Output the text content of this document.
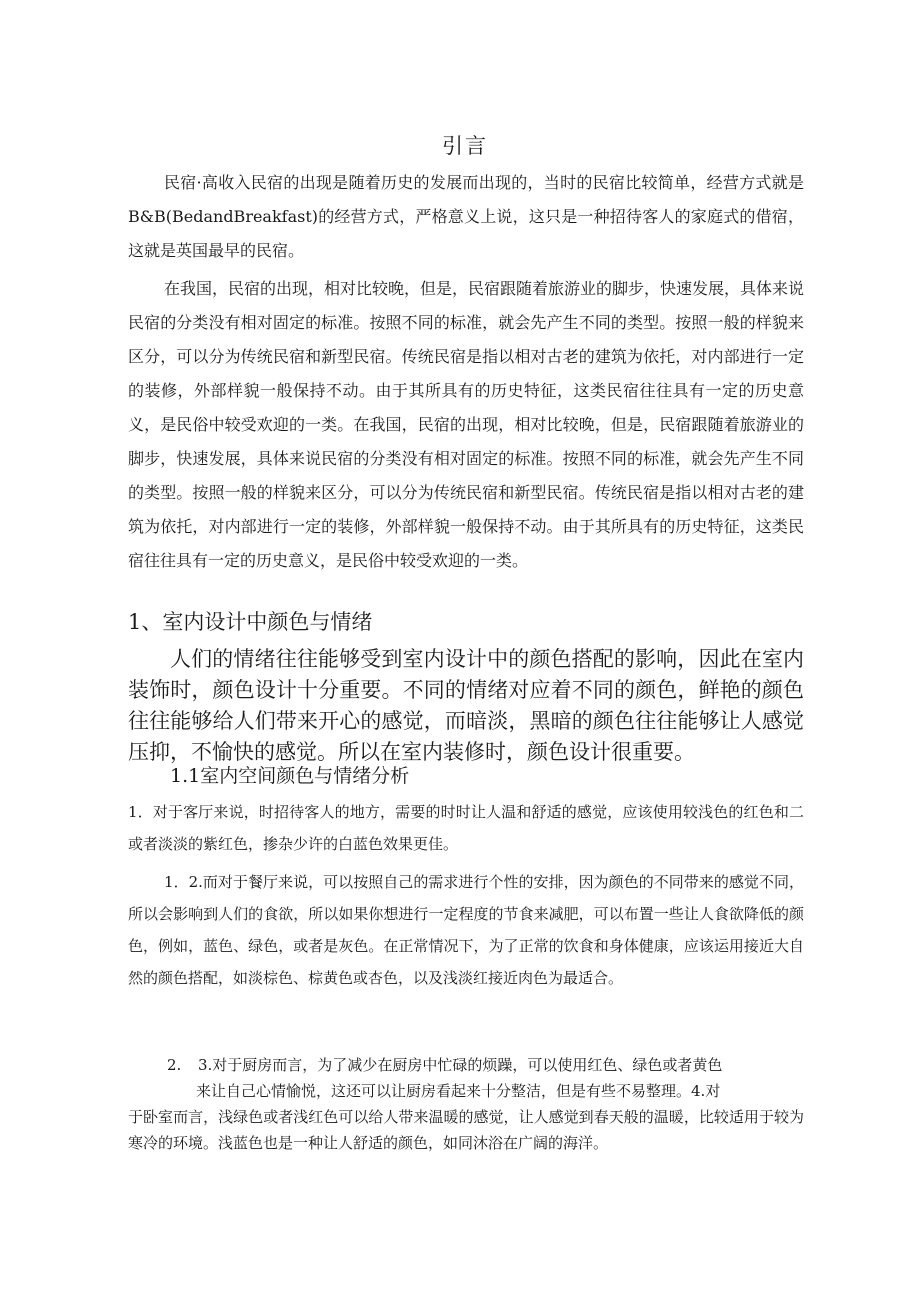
引言

民宿·高收入民宿的出现是随着历史的发展而出现的，当时的民宿比较简单，经营方式就是B&B(BedandBreakfast)的经营方式，严格意义上说，这只是一种招待客人的家庭式的借宿，这就是英国最早的民宿。

在我国，民宿的出现，相对比较晚，但是，民宿跟随着旅游业的脚步，快速发展，具体来说民宿的分类没有相对固定的标准。按照不同的标准，就会先产生不同的类型。按照一般的样貌来区分，可以分为传统民宿和新型民宿。传统民宿是指以相对古老的建筑为依托，对内部进行一定的装修，外部样貌一般保持不动。由于其所具有的历史特征，这类民宿往往具有一定的历史意义，是民俗中较受欢迎的一类。在我国，民宿的出现，相对比较晚，但是，民宿跟随着旅游业的脚步，快速发展，具体来说民宿的分类没有相对固定的标准。按照不同的标准，就会先产生不同的类型。按照一般的样貌来区分，可以分为传统民宿和新型民宿。传统民宿是指以相对古老的建筑为依托，对内部进行一定的装修，外部样貌一般保持不动。由于其所具有的历史特征，这类民宿往往具有一定的历史意义，是民俗中较受欢迎的一类。

1、室内设计中颜色与情绪

人们的情绪往往能够受到室内设计中的颜色搭配的影响，因此在室内装饰时，颜色设计十分重要。不同的情绪对应着不同的颜色，鲜艳的颜色往往能够给人们带来开心的感觉，而暗淡，黑暗的颜色往往能够让人感觉压抑，不愉快的感觉。所以在室内装修时，颜色设计很重要。

1.1室内空间颜色与情绪分析

1．对于客厅来说，时招待客人的地方，需要的时时让人温和舒适的感觉，应该使用较浅色的红色和二或者淡淡的紫红色，掺杂少许的白蓝色效果更佳。

1．2.而对于餐厅来说，可以按照自己的需求进行个性的安排，因为颜色的不同带来的感觉不同，所以会影响到人们的食欲，所以如果你想进行一定程度的节食来减肥，可以布置一些让人食欲降低的颜色，例如，蓝色、绿色，或者是灰色。在正常情况下，为了正常的饮食和身体健康，应该运用接近大自然的颜色搭配，如淡棕色、棕黄色或杏色，以及浅淡红接近肉色为最适合。

2. 3.对于厨房而言，为了减少在厨房中忙碌的烦躁，可以使用红色、绿色或者黄色
来让自己心情愉悦，这还可以让厨房看起来十分整洁，但是有些不易整理。4.对

于卧室而言，浅绿色或者浅红色可以给人带来温暖的感觉，让人感觉到春天般的温暖，比较适用于较为寒冷的环境。浅蓝色也是一种让人舒适的颜色，如同沐浴在广阔的海洋。
